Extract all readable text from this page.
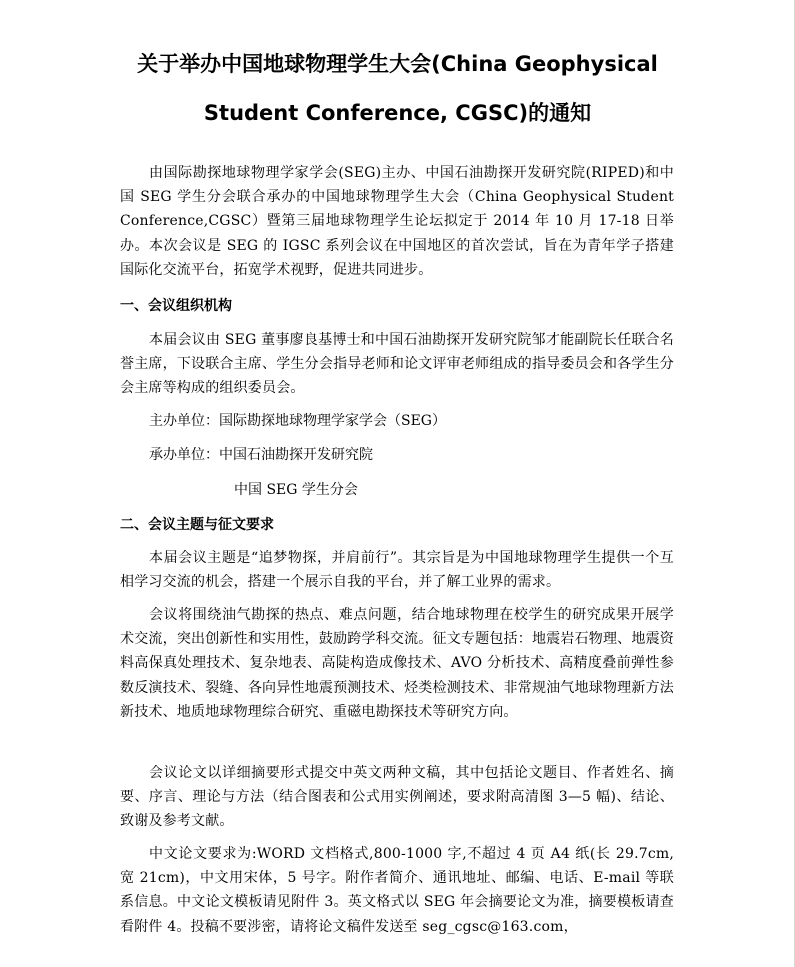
关于举办中国地球物理学生大会(China Geophysical
Student Conference, CGSC)的通知

由国际勘探地球物理学家学会(SEG)主办、中国石油勘探开发研究院(RIPED)和中国 SEG 学生分会联合承办的中国地球物理学生大会（China Geophysical Student Conference,CGSC）暨第三届地球物理学生论坛拟定于 2014 年 10 月 17-18 日举办。本次会议是 SEG 的 IGSC 系列会议在中国地区的首次尝试，旨在为青年学子搭建国际化交流平台，拓宽学术视野，促进共同进步。

一、会议组织机构

本届会议由 SEG 董事廖良基博士和中国石油勘探开发研究院邹才能副院长任联合名誉主席，下设联合主席、学生分会指导老师和论文评审老师组成的指导委员会和各学生分会主席等构成的组织委员会。

主办单位：国际勘探地球物理学家学会（SEG）

承办单位：中国石油勘探开发研究院

中国 SEG 学生分会

二、会议主题与征文要求

本届会议主题是“追梦物探，并肩前行”。其宗旨是为中国地球物理学生提供一个互相学习交流的机会，搭建一个展示自我的平台，并了解工业界的需求。

会议将围绕油气勘探的热点、难点问题，结合地球物理在校学生的研究成果开展学术交流，突出创新性和实用性，鼓励跨学科交流。征文专题包括：地震岩石物理、地震资料高保真处理技术、复杂地表、高陡构造成像技术、AVO 分析技术、高精度叠前弹性参数反演技术、裂缝、各向异性地震预测技术、烃类检测技术、非常规油气地球物理新方法新技术、地质地球物理综合研究、重磁电勘探技术等研究方向。

会议论文以详细摘要形式提交中英文两种文稿，其中包括论文题目、作者姓名、摘要、序言、理论与方法（结合图表和公式用实例阐述，要求附高清图 3—5 幅)、结论、致谢及参考文献。

中文论文要求为:WORD 文档格式,800-1000 字,不超过 4 页 A4 纸(长 29.7cm,宽 21cm)，中文用宋体，5 号字。附作者简介、通讯地址、邮编、电话、E-mail 等联系信息。中文论文模板请见附件 3。英文格式以 SEG 年会摘要论文为准，摘要模板请查看附件 4。投稿不要涉密，请将论文稿件发送至 seg_cgsc@163.com，
